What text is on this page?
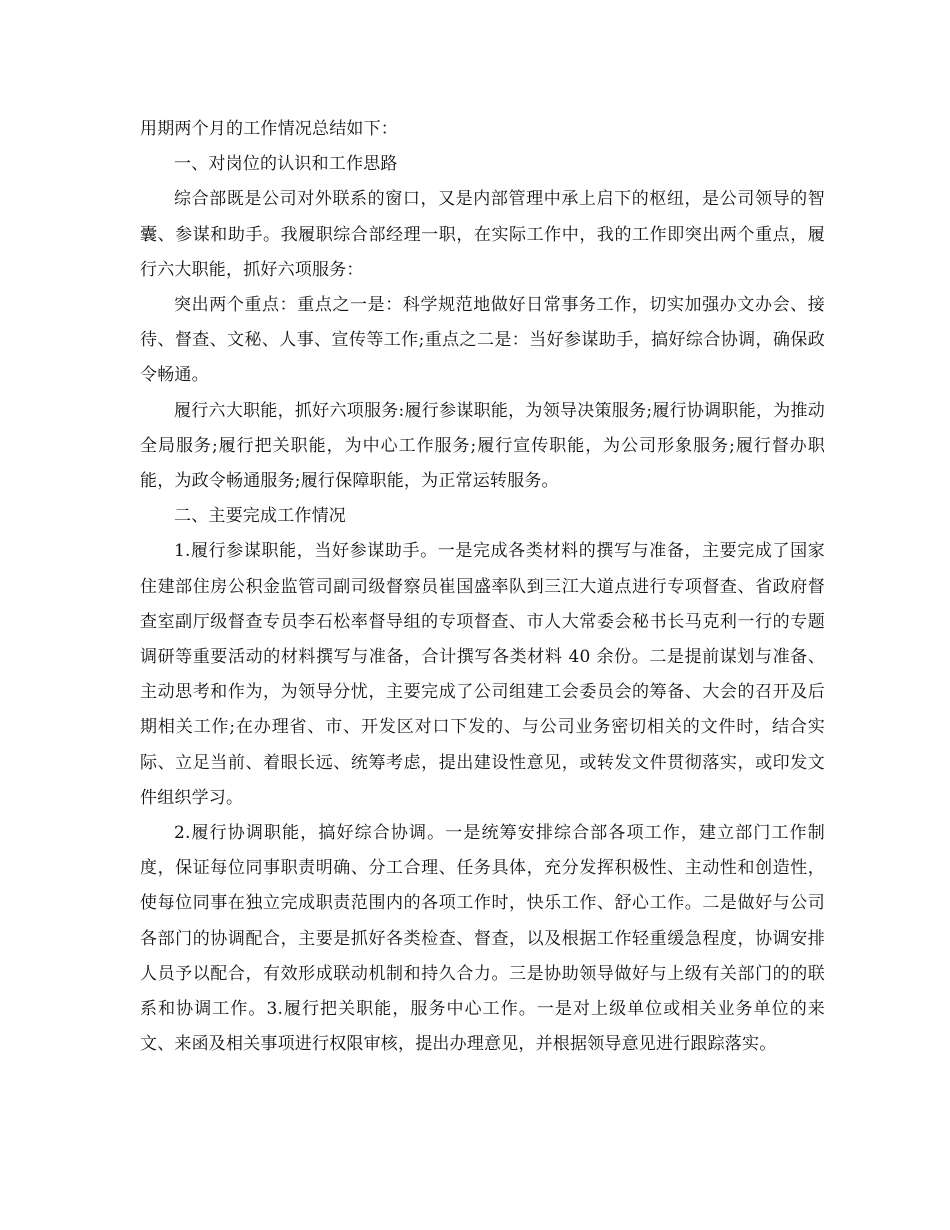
用期两个月的工作情况总结如下：

一、对岗位的认识和工作思路

综合部既是公司对外联系的窗口，又是内部管理中承上启下的枢纽，是公司领导的智囊、参谋和助手。我履职综合部经理一职，在实际工作中，我的工作即突出两个重点，履行六大职能，抓好六项服务：

突出两个重点：重点之一是：科学规范地做好日常事务工作，切实加强办文办会、接待、督查、文秘、人事、宣传等工作;重点之二是：当好参谋助手，搞好综合协调，确保政令畅通。

履行六大职能，抓好六项服务:履行参谋职能，为领导决策服务;履行协调职能，为推动全局服务;履行把关职能，为中心工作服务;履行宣传职能，为公司形象服务;履行督办职能，为政令畅通服务;履行保障职能，为正常运转服务。

二、主要完成工作情况

1.履行参谋职能，当好参谋助手。一是完成各类材料的撰写与准备，主要完成了国家住建部住房公积金监管司副司级督察员崔国盛率队到三江大道点进行专项督查、省政府督查室副厅级督查专员李石松率督导组的专项督查、市人大常委会秘书长马克利一行的专题调研等重要活动的材料撰写与准备，合计撰写各类材料 40 余份。二是提前谋划与准备、主动思考和作为，为领导分忧，主要完成了公司组建工会委员会的筹备、大会的召开及后期相关工作;在办理省、市、开发区对口下发的、与公司业务密切相关的文件时，结合实际、立足当前、着眼长远、统筹考虑，提出建设性意见，或转发文件贯彻落实，或印发文件组织学习。

2.履行协调职能，搞好综合协调。一是统筹安排综合部各项工作，建立部门工作制度，保证每位同事职责明确、分工合理、任务具体，充分发挥积极性、主动性和创造性，使每位同事在独立完成职责范围内的各项工作时，快乐工作、舒心工作。二是做好与公司各部门的协调配合，主要是抓好各类检查、督查，以及根据工作轻重缓急程度，协调安排人员予以配合，有效形成联动机制和持久合力。三是协助领导做好与上级有关部门的的联系和协调工作。3.履行把关职能，服务中心工作。一是对上级单位或相关业务单位的来文、来函及相关事项进行权限审核，提出办理意见，并根据领导意见进行跟踪落实。
